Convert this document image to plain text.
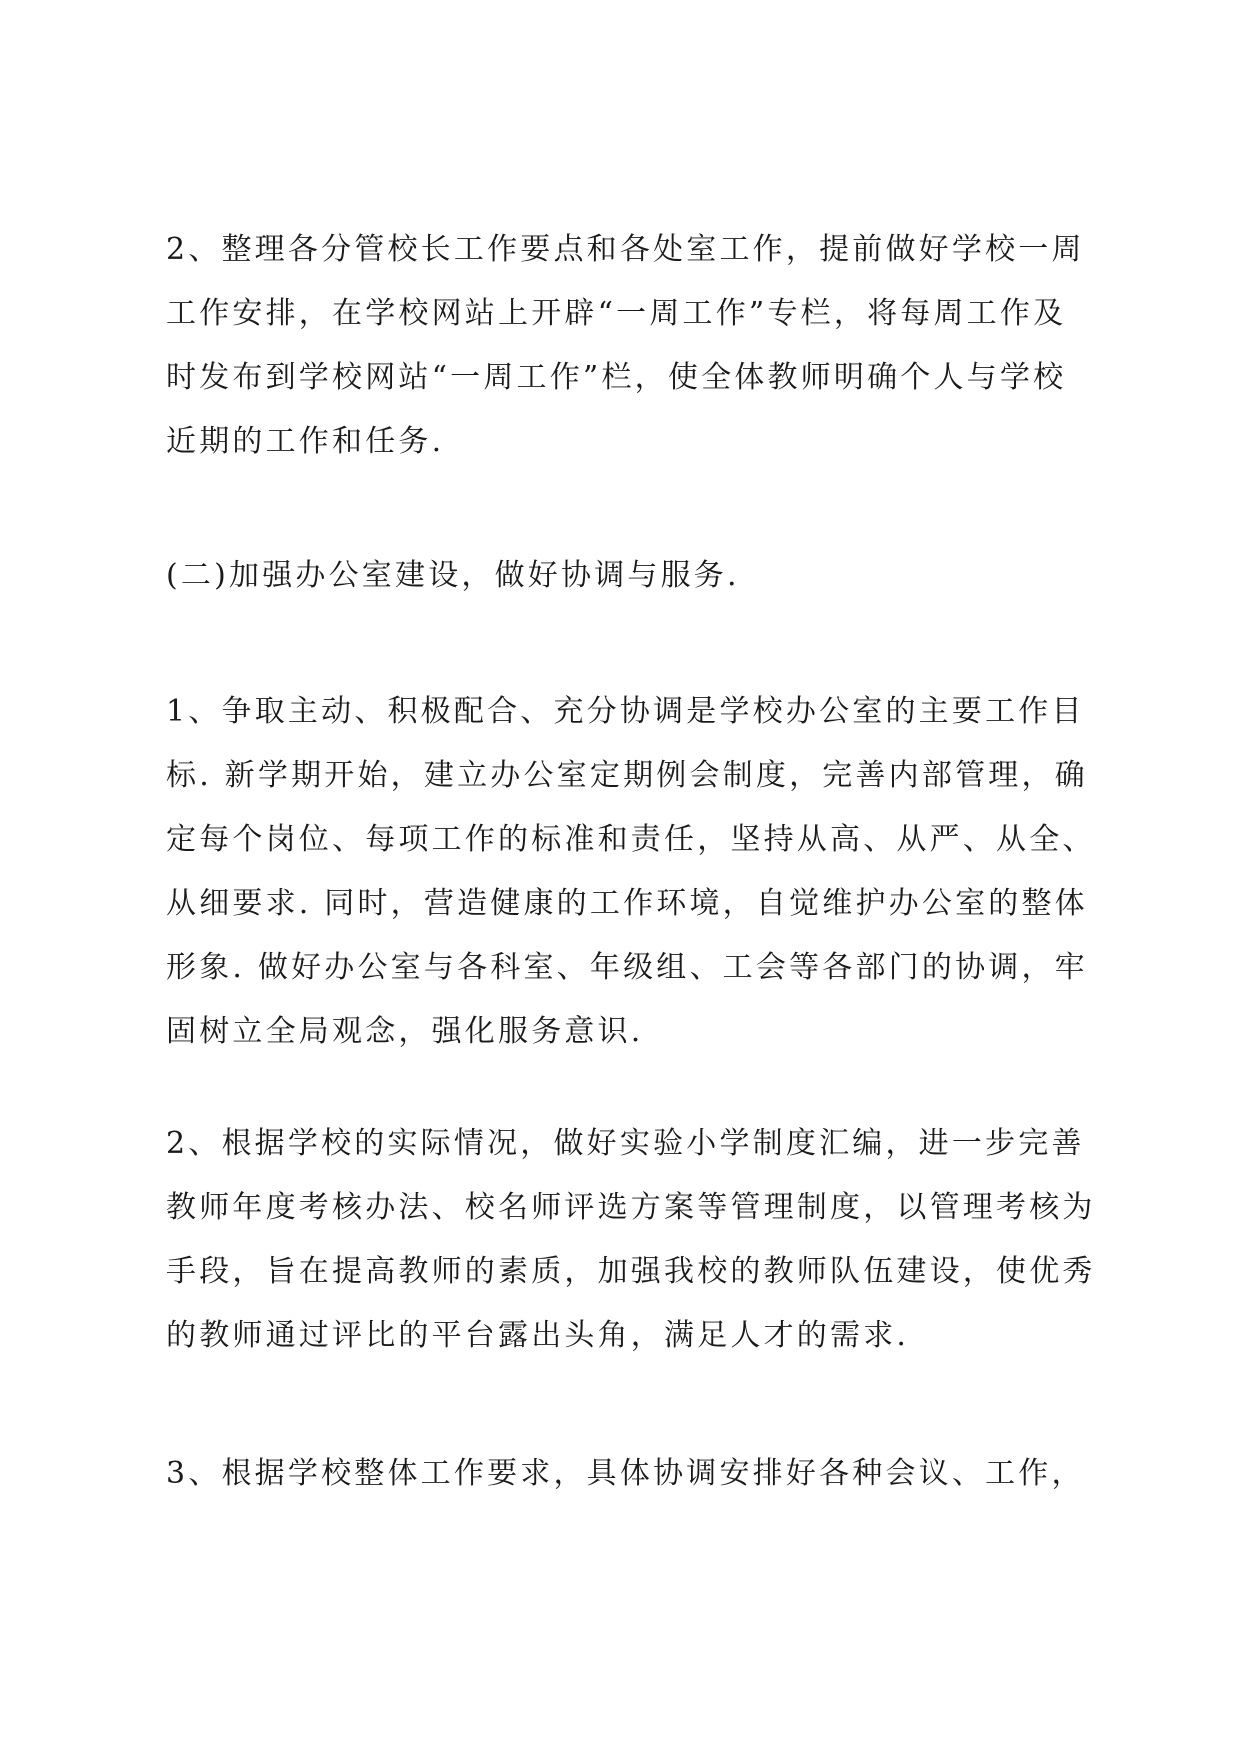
2、整理各分管校长工作要点和各处室工作，提前做好学校一周
工作安排，在学校网站上开辟“一周工作”专栏，将每周工作及
时发布到学校网站“一周工作”栏，使全体教师明确个人与学校
近期的工作和任务.

(二)加强办公室建设，做好协调与服务.

1、争取主动、积极配合、充分协调是学校办公室的主要工作目
标. 新学期开始，建立办公室定期例会制度，完善内部管理，确
定每个岗位、每项工作的标准和责任，坚持从高、从严、从全、
从细要求. 同时，营造健康的工作环境，自觉维护办公室的整体
形象. 做好办公室与各科室、年级组、工会等各部门的协调，牢
固树立全局观念，强化服务意识.

2、根据学校的实际情况，做好实验小学制度汇编，进一步完善
教师年度考核办法、校名师评选方案等管理制度，以管理考核为
手段，旨在提高教师的素质，加强我校的教师队伍建设，使优秀
的教师通过评比的平台露出头角，满足人才的需求.

3、根据学校整体工作要求，具体协调安排好各种会议、工作，
